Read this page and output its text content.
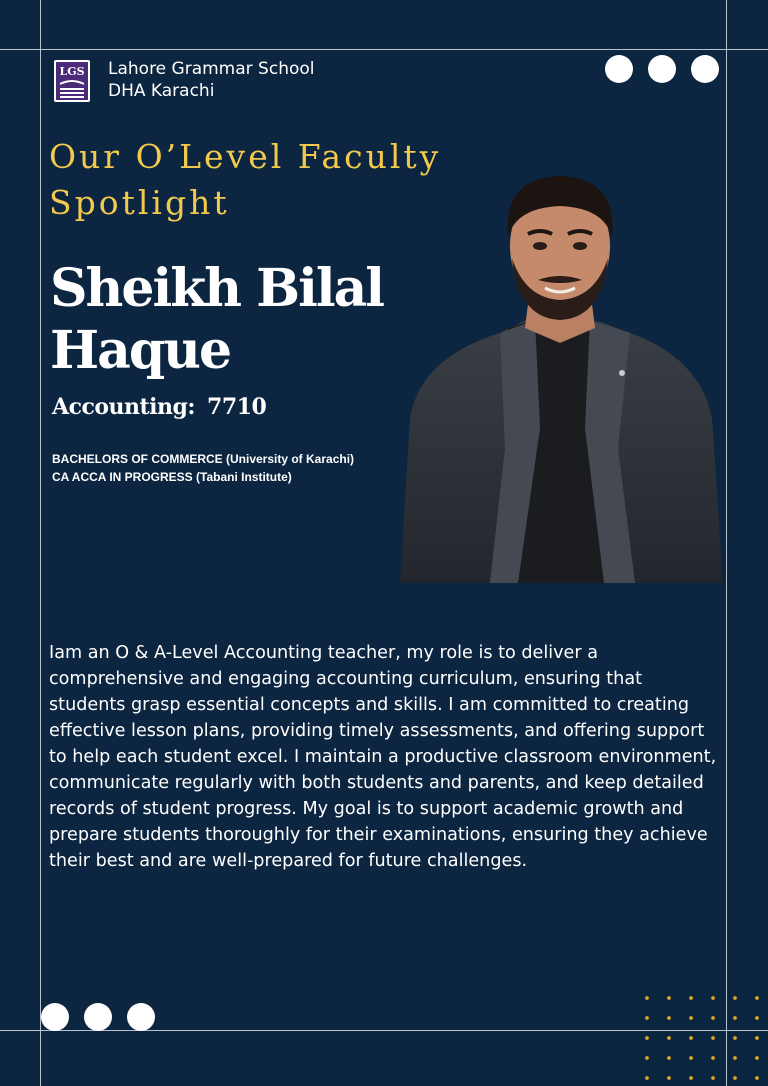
LGS Lahore Grammar School
DHA Karachi
Our O’Level Faculty
Spotlight
Sheikh Bilal
Haque
Accounting: 7710
BACHELORS OF COMMERCE (University of Karachi)
CA ACCA IN PROGRESS (Tabani Institute)
Iam an O & A-Level Accounting teacher, my role is to deliver a comprehensive and engaging accounting curriculum, ensuring that students grasp essential concepts and skills. I am committed to creating effective lesson plans, providing timely assessments, and offering support to help each student excel. I maintain a productive classroom environment, communicate regularly with both students and parents, and keep detailed records of student progress. My goal is to support academic growth and prepare students thoroughly for their examinations, ensuring they achieve their best and are well-prepared for future challenges.
